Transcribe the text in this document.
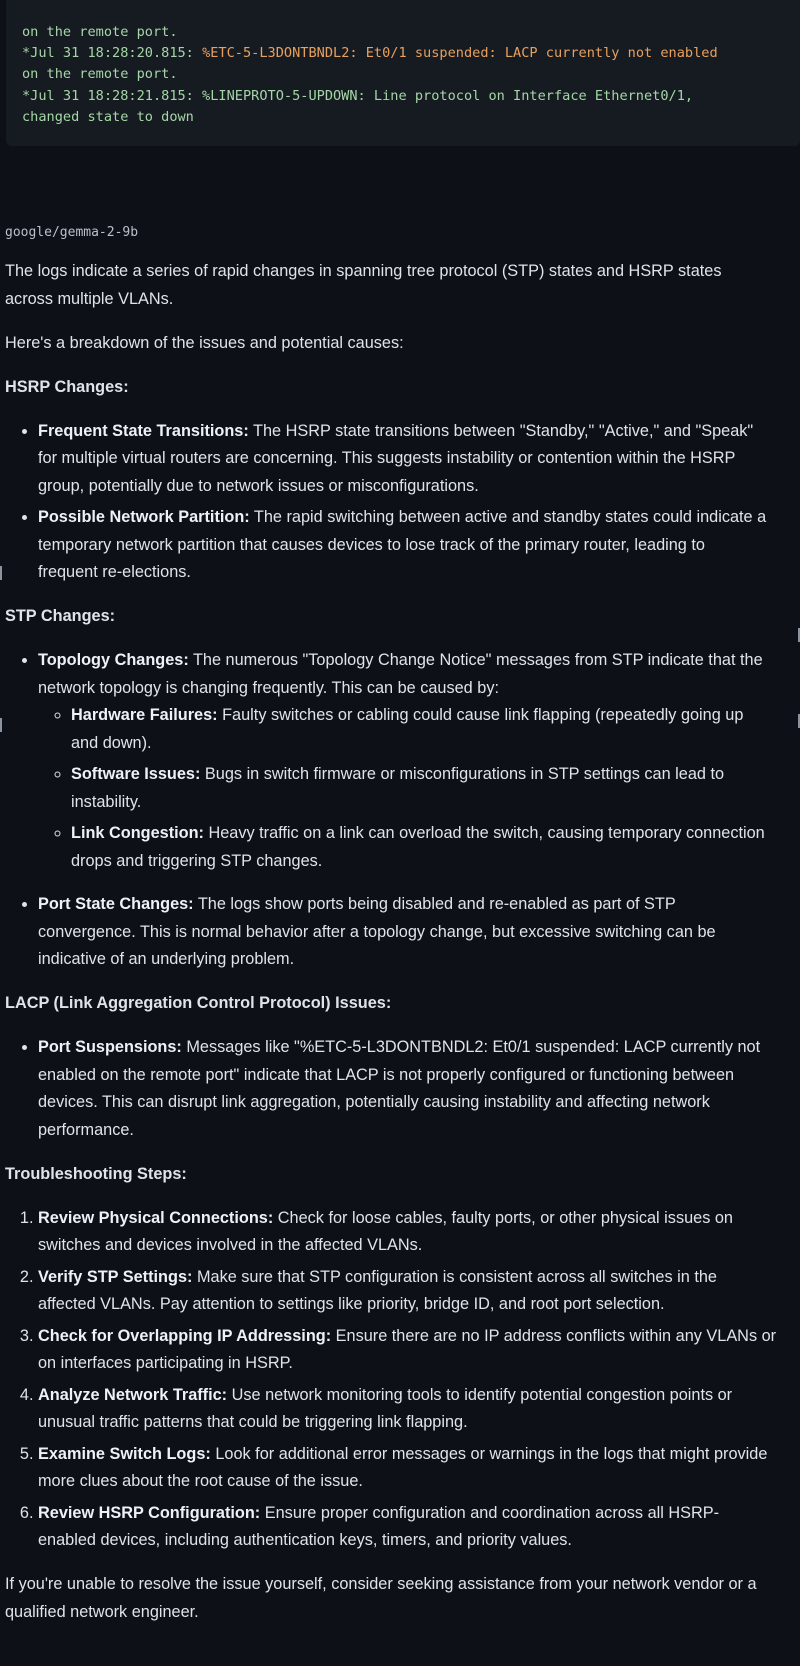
on the remote port.
*Jul 31 18:28:20.815: %ETC-5-L3DONTBNDL2: Et0/1 suspended: LACP currently not enabled
on the remote port.
*Jul 31 18:28:21.815: %LINEPROTO-5-UPDOWN: Line protocol on Interface Ethernet0/1,
changed state to down

google/gemma-2-9b

The logs indicate a series of rapid changes in spanning tree protocol (STP) states and HSRP states
across multiple VLANs.

Here's a breakdown of the issues and potential causes:

HSRP Changes:

• Frequent State Transitions: The HSRP state transitions between "Standby," "Active," and "Speak"
for multiple virtual routers are concerning. This suggests instability or contention within the HSRP
group, potentially due to network issues or misconfigurations.
• Possible Network Partition: The rapid switching between active and standby states could indicate a
temporary network partition that causes devices to lose track of the primary router, leading to
frequent re-elections.

STP Changes:

• Topology Changes: The numerous "Topology Change Notice" messages from STP indicate that the
network topology is changing frequently. This can be caused by:
◦ Hardware Failures: Faulty switches or cabling could cause link flapping (repeatedly going up
and down).
◦ Software Issues: Bugs in switch firmware or misconfigurations in STP settings can lead to
instability.
◦ Link Congestion: Heavy traffic on a link can overload the switch, causing temporary connection
drops and triggering STP changes.
• Port State Changes: The logs show ports being disabled and re-enabled as part of STP
convergence. This is normal behavior after a topology change, but excessive switching can be
indicative of an underlying problem.

LACP (Link Aggregation Control Protocol) Issues:

• Port Suspensions: Messages like "%ETC-5-L3DONTBNDL2: Et0/1 suspended: LACP currently not
enabled on the remote port" indicate that LACP is not properly configured or functioning between
devices. This can disrupt link aggregation, potentially causing instability and affecting network
performance.

Troubleshooting Steps:

1. Review Physical Connections: Check for loose cables, faulty ports, or other physical issues on
switches and devices involved in the affected VLANs.
2. Verify STP Settings: Make sure that STP configuration is consistent across all switches in the
affected VLANs. Pay attention to settings like priority, bridge ID, and root port selection.
3. Check for Overlapping IP Addressing: Ensure there are no IP address conflicts within any VLANs or
on interfaces participating in HSRP.
4. Analyze Network Traffic: Use network monitoring tools to identify potential congestion points or
unusual traffic patterns that could be triggering link flapping.
5. Examine Switch Logs: Look for additional error messages or warnings in the logs that might provide
more clues about the root cause of the issue.
6. Review HSRP Configuration: Ensure proper configuration and coordination across all HSRP-
enabled devices, including authentication keys, timers, and priority values.

If you're unable to resolve the issue yourself, consider seeking assistance from your network vendor or a
qualified network engineer.
